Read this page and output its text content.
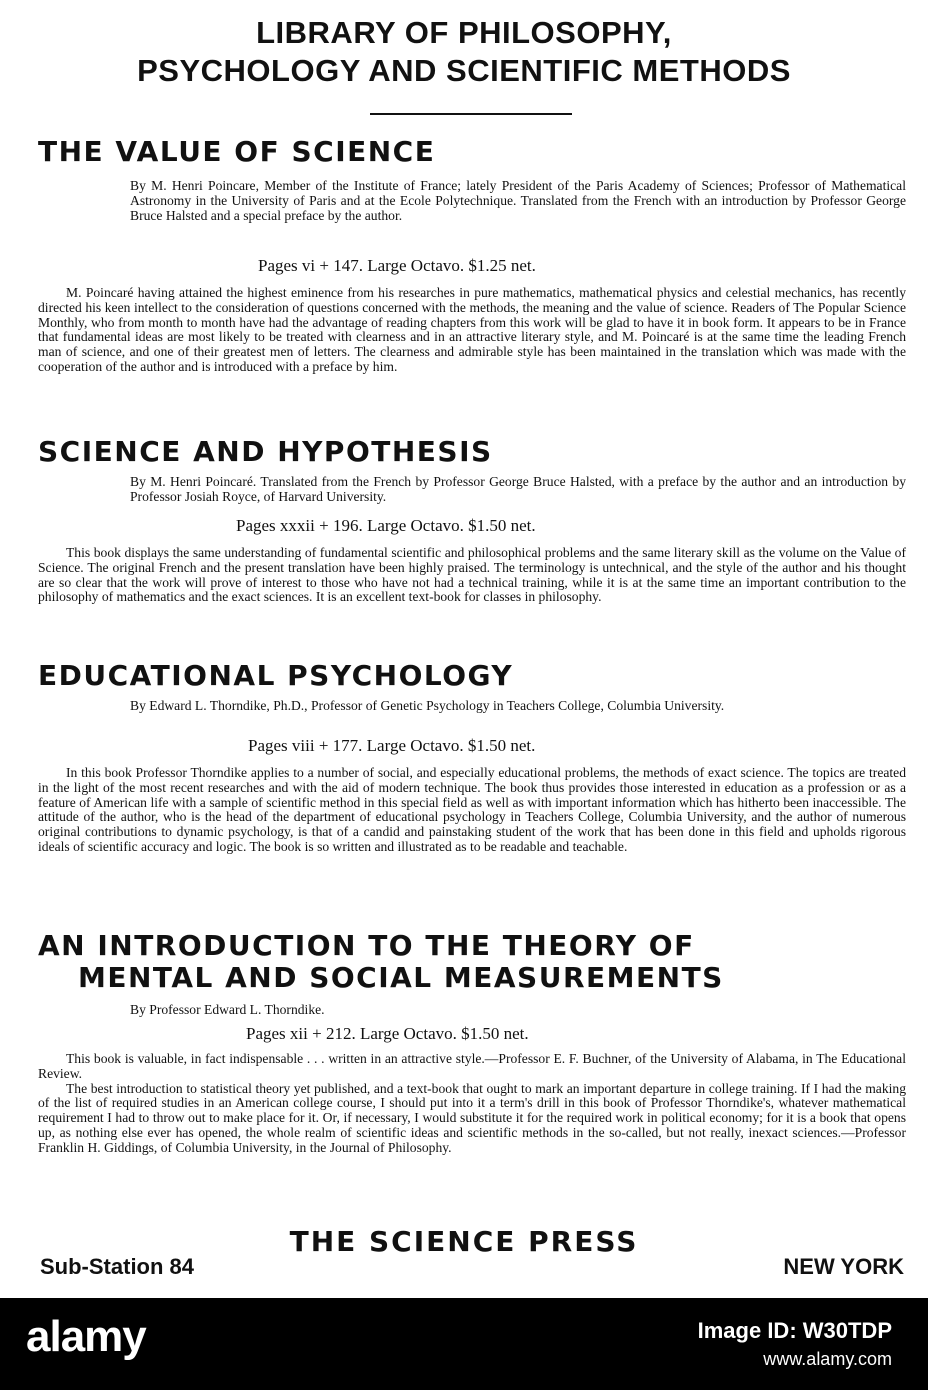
LIBRARY OF PHILOSOPHY,
PSYCHOLOGY AND SCIENTIFIC METHODS
THE VALUE OF SCIENCE
By M. Henri Poincare, Member of the Institute of France; lately President of the Paris Academy of Sciences; Professor of Mathematical Astronomy in the University of Paris and at the Ecole Polytechnique. Translated from the French with an introduction by Professor George Bruce Halsted and a special preface by the author.
Pages vi + 147. Large Octavo. $1.25 net.

M. Poincaré having attained the highest eminence from his researches in pure mathematics, mathematical physics and celestial mechanics, has recently directed his keen intellect to the consideration of questions concerned with the methods, the meaning and the value of science. Readers of The Popular Science Monthly, who from month to month have had the advantage of reading chapters from this work will be glad to have it in book form. It appears to be in France that fundamental ideas are most likely to be treated with clearness and in an attractive literary style, and M. Poincaré is at the same time the leading French man of science, and one of their greatest men of letters. The clearness and admirable style has been maintained in the translation which was made with the cooperation of the author and is introduced with a preface by him.

SCIENCE AND HYPOTHESIS
By M. Henri Poincaré. Translated from the French by Professor George Bruce Halsted, with a preface by the author and an introduction by Professor Josiah Royce, of Harvard University.
Pages xxxii + 196. Large Octavo. $1.50 net.

This book displays the same understanding of fundamental scientific and philosophical problems and the same literary skill as the volume on the Value of Science. The original French and the present translation have been highly praised. The terminology is untechnical, and the style of the author and his thought are so clear that the work will prove of interest to those who have not had a technical training, while it is at the same time an important contribution to the philosophy of mathematics and the exact sciences. It is an excellent text-book for classes in philosophy.

EDUCATIONAL PSYCHOLOGY
By Edward L. Thorndike, Ph.D., Professor of Genetic Psychology in Teachers College, Columbia University.
Pages viii + 177. Large Octavo. $1.50 net.

In this book Professor Thorndike applies to a number of social, and especially educational problems, the methods of exact science. The topics are treated in the light of the most recent researches and with the aid of modern technique. The book thus provides those interested in education as a profession or as a feature of American life with a sample of scientific method in this special field as well as with important information which has hitherto been inaccessible. The attitude of the author, who is the head of the department of educational psychology in Teachers College, Columbia University, and the author of numerous original contributions to dynamic psychology, is that of a candid and painstaking student of the work that has been done in this field and upholds rigorous ideals of scientific accuracy and logic. The book is so written and illustrated as to be readable and teachable.

AN INTRODUCTION TO THE THEORY OF
MENTAL AND SOCIAL MEASUREMENTS
By Professor Edward L. Thorndike.
Pages xii + 212. Large Octavo. $1.50 net.

This book is valuable, in fact indispensable . . . written in an attractive style.—Professor E. F. Buchner, of the University of Alabama, in The Educational Review.

The best introduction to statistical theory yet published, and a text-book that ought to mark an important departure in college training. If I had the making of the list of required studies in an American college course, I should put into it a term's drill in this book of Professor Thorndike's, whatever mathematical requirement I had to throw out to make place for it. Or, if necessary, I would substitute it for the required work in political economy; for it is a book that opens up, as nothing else ever has opened, the whole realm of scientific ideas and scientific methods in the so-called, but not really, inexact sciences.—Professor Franklin H. Giddings, of Columbia University, in the Journal of Philosophy.

THE SCIENCE PRESS
Sub-Station 84	NEW YORK
alamy	Image ID: W30TDP
www.alamy.com
